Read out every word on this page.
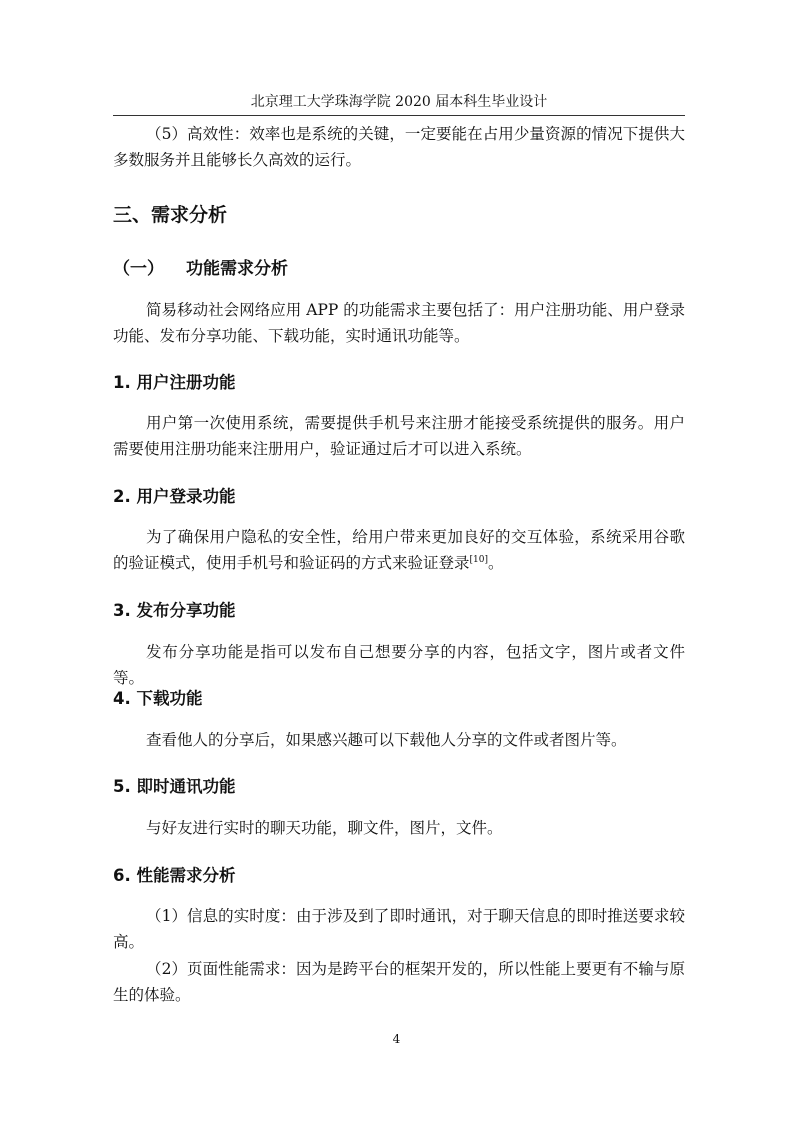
北京理工大学珠海学院 2020 届本科生毕业设计

（5）高效性：效率也是系统的关键，一定要能在占用少量资源的情况下提供大多数服务并且能够长久高效的运行。

三、需求分析
（一） 功能需求分析

简易移动社会网络应用 APP 的功能需求主要包括了：用户注册功能、用户登录功能、发布分享功能、下载功能，实时通讯功能等。

1. 用户注册功能

用户第一次使用系统，需要提供手机号来注册才能接受系统提供的服务。用户需要使用注册功能来注册用户，验证通过后才可以进入系统。

2. 用户登录功能

为了确保用户隐私的安全性，给用户带来更加良好的交互体验，系统采用谷歌的验证模式，使用手机号和验证码的方式来验证登录[10]。

3. 发布分享功能

发布分享功能是指可以发布自己想要分享的内容，包括文字，图片或者文件等。

4. 下载功能

查看他人的分享后，如果感兴趣可以下载他人分享的文件或者图片等。

5. 即时通讯功能

与好友进行实时的聊天功能，聊文件，图片，文件。

6. 性能需求分析

（1）信息的实时度：由于涉及到了即时通讯，对于聊天信息的即时推送要求较高。

（2）页面性能需求：因为是跨平台的框架开发的，所以性能上要更有不输与原生的体验。

4
